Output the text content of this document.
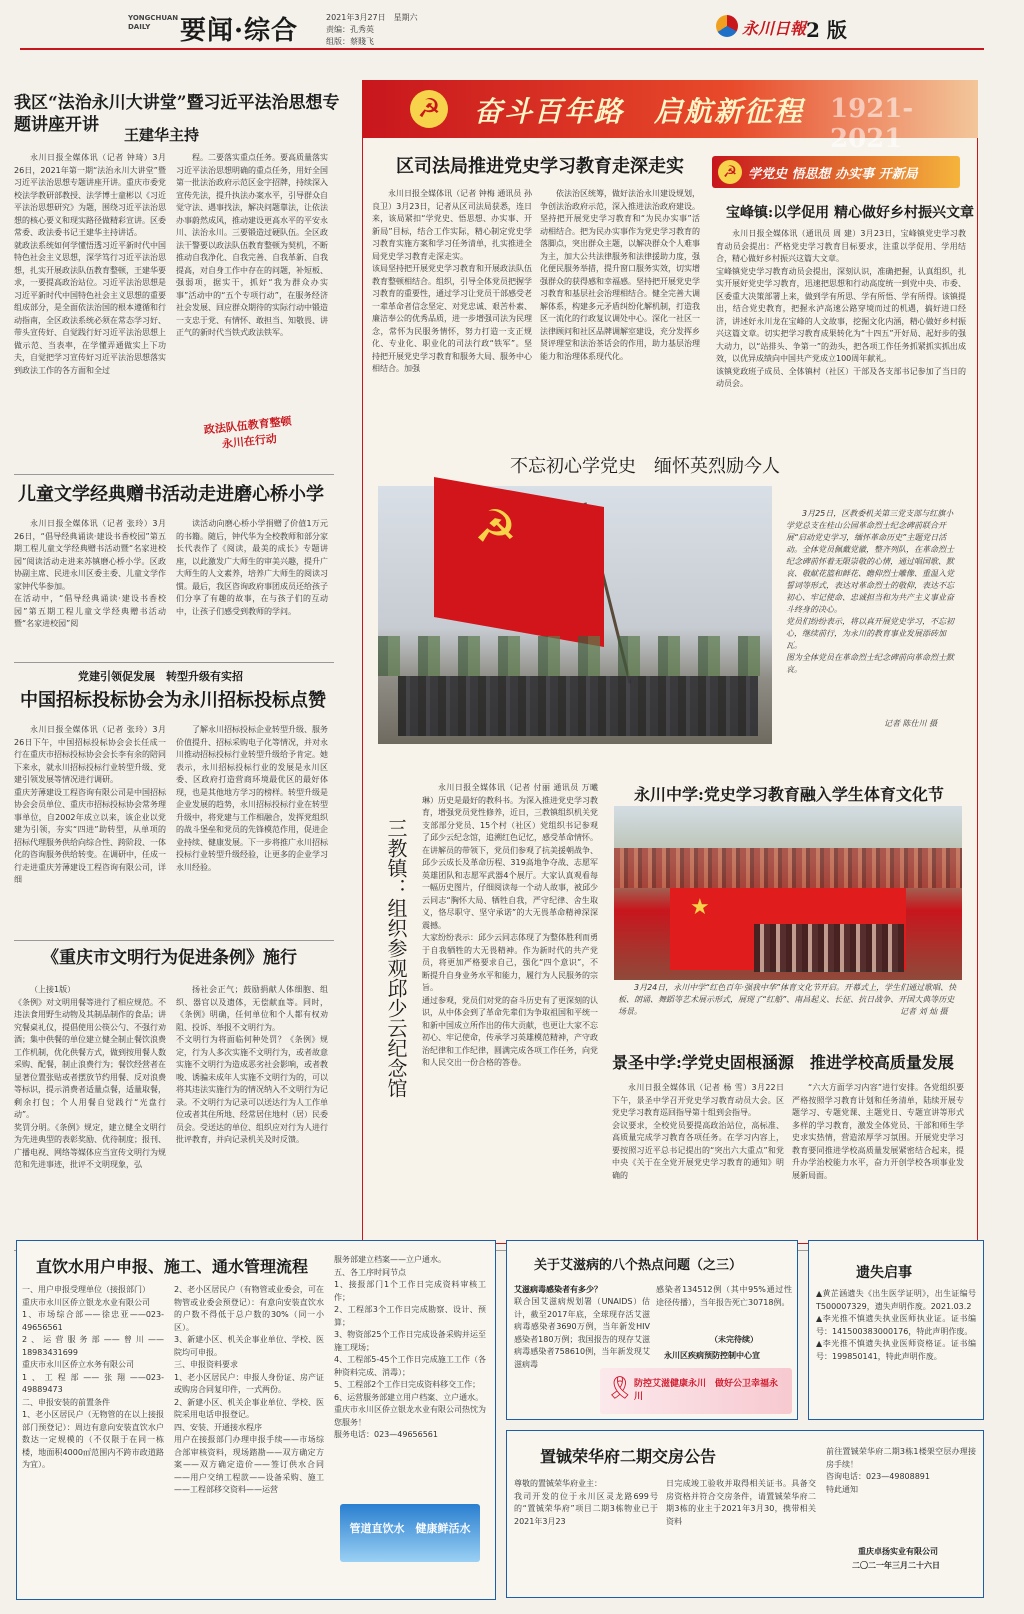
YONGCHUAN
DAILY	要闻·综合	2021年3月27日　星期六
责编：孔秀英
组版：蔡賤飞
永川日報 2 版
我区“法治永川大讲堂”暨习近平法治思想专题讲座开讲	王建华主持

永川日报全媒体讯（记者 钟琦）3月26日，2021年第一期“法治永川大讲堂”暨习近平法治思想专题讲座开讲。重庆市委党校法学教研部教授、法学博士童彬以《习近平法治思想研究》为题，围绕习近平法治思想的核心要义和现实路径做精彩宣讲。区委常委、政法委书记王建华主持讲话。
就政法系统如何学懂悟透习近平新时代中国特色社会主义思想，深学笃行习近平法治思想，扎实开展政法队伍教育整顿，王建华要求，一要提高政治站位。习近平法治思想是习近平新时代中国特色社会主义思想的重要组成部分，是全面依法治国的根本遵循和行动指南，全区政法系统必须在常态学习好、带头宣传好、自觉践行好习近平法治思想上做示范、当表率，在学懂弄通做实上下功夫，自觉把学习宣传好习近平法治思想落实到政法工作的各方面和全过

程。二要落实重点任务。要高质量落实习近平法治思想明确的重点任务，用好全国第一批法治政府示范区金字招牌，持续深入宣传先法，提升执法办案水平，引导群众自觉守法、遇事找法，解决问题靠法，让依法办事蔚然成风，推动建设更高水平的平安永川、法治永川。三要锻造过硬队伍。全区政法干警要以政法队伍教育整顿为契机，不断推动自我净化、自我完善、自我革新、自我提高，对自身工作中存在的问题，补短板、强弱项，据实干，抓好“我为群众办实事”活动中的“五个专项行动”，在服务经济社会发展、回应群众期待的实际行动中锻造一支忠于党、有情怀、敢担当、知敬畏、讲正气的新时代当铁式政法铁军。

政法队伍教育整顿
永川在行动
儿童文学经典赠书活动走进磨心桥小学

永川日报全媒体讯（记者 张玲）3月26日，“倡导经典诵读·建设书香校园”第五期工程儿童文学经典赠书活动暨“名家进校园”阅读活动走进来苏镇磨心桥小学。区政协副主席、民进永川区委主委、儿童文学作家钟代华参加。
在活动中，“倡导经典诵读·建设书香校园”第五期工程儿童文学经典赠书活动暨“名家进校园”阅

读活动向磨心桥小学捐赠了价值1万元的书籍。随后，钟代华为全校教师和部分家长代表作了《阅读，最美的成长》专题讲座，以此激发广大师生的审美兴趣，提升广大师生的人文素养，培养广大师生的阅读习惯。最后，我区咨询政府事团成员还给孩子们分享了有趣的故事，在与孩子们的互动中，让孩子们感受到教师的学问。

党建引领促发展　转型升级有实招
中国招标投标协会为永川招标投标点赞

永川日报全媒体讯（记者 张玲）3月26日下午，中国招标投标协会会长任成一行在重庆市招标投标协会会长李有余的陪同下来永，就永川招标投标行业转型升级、党建引领发展等情况进行调研。
重庆芳薄建设工程咨询有限公司是中国招标协会会员单位、重庆市招标投标协会常务理事单位，自2002年成立以来，该企业以党建为引领，夯实“四进”助转型，从单项的招标代理服务供给向综合性、跨阶段、一体化的咨询服务供给转变。在调研中，任成一行走进重庆芳薄建设工程咨询有限公司，详细

了解永川招标投标企业转型升级、服务价值提升、招标采购电子化等情况，并对永川推动招标投标行业转型升级给予肯定。她表示，永川招标投标行业的发展是永川区委、区政府打造营商环境最优区的最好体现，也是其他地方学习的榜样。转型升级是企业发展的趋势，永川招标投标行业在转型升级中，将党建与工作相融合，发挥党组织的战斗堡垒和党员的先锋模范作用，促进企业持续、健康发展。下一步将推广永川招标投标行业转型升级经验，让更多的企业学习永川经验。

《重庆市文明行为促进条例》施行

（上接1版）
《条例》对文明用餐等进行了相应规范。不违法食用野生动物及其制品制作的食品；讲究餐桌礼仪，提倡使用公筷公勺、不强行劝酒；集中供餐的单位建立健全制止餐饮浪费工作机制，优化供餐方式，做到按用餐人数采购、配餐，制止浪费行为；餐饮经营者在显著位置张贴或者摆放节约用餐、反对浪费等标识，提示消费者适量点餐，适量取餐，剩余打包；个人用餐自觉践行“光盘行动”。
奖罚分明。《条例》规定，建立健全文明行为先进典型的表彰奖励、优待制度；报刊、广播电视、网络等媒体应当宣传文明行为规范和先进事迹，批评不文明现象，弘

扬社会正气；鼓励捐献人体细胞、组织、器官以及遗体，无偿献血等。同时，《条例》明确，任何单位和个人都有权劝阻、投诉、举报不文明行为。
不文明行为将面临何种处罚？《条例》规定，行为人多次实施不文明行为，或者故意实施不文明行为造成恶劣社会影响，或者教唆、诱骗未成年人实施不文明行为的，可以将其违法实施行为的情况纳入不文明行为记录。不文明行为记录可以送达行为人工作单位或者其住所地、经常居住地村（居）民委员会。受送达的单位、组织应对行为人进行批评教育，并向记录机关及时反馈。

☭ 奋斗百年路　启航新征程 1921-2021
区司法局推进党史学习教育走深走实

永川日报全媒体讯（记者 钟梅 通讯员 孙良卫）3月23日，记者从区司法局获悉，连日来，该局紧扣“学党史、悟思想、办实事、开新局”目标，结合工作实际，精心制定党史学习教育实施方案和学习任务清单，扎实推进全局党史学习教育走深走实。
该局坚持把开展党史学习教育和开展政法队伍教育整顿相结合。组织，引导全体党员把握学习教育的重要性，通过学习让党员干部感受老一辈革命者信念坚定、对党忠诚、艰苦朴素、廉洁奉公的优秀品质，进一步增强司法为民理念，常怀为民服务情怀，努力打造一支正规化、专业化、职业化的司法行政“铁军”。坚持把开展党史学习教育和服务大局、服务中心相结合。加强

依法治区统筹，做好法治永川建设规划，争创法治政府示范，深入推进法治政府建设。坚持把开展党史学习教育和“为民办实事”活动相结合。把为民办实事作为党史学习教育的落脚点，突出群众主题，以解决群众个人难事为主，加大公共法律服务和法律援助力度，强化便民服务举措，提升窗口服务实效，切实增强群众的获得感和幸福感。坚持把开展党史学习教育和基层社会治理相结合。健全完善大调解体系，构建多元矛盾纠纷化解机制，打造我区一流化的行政复议调处中心。深化一社区一法律顾问和社区品牌调解室建设，充分发挥乡贤评理堂和法治茶话会的作用，助力基层治理能力和治理体系现代化。

☭ 学党史 悟思想 办实事 开新局
宝峰镇:以学促用 精心做好乡村振兴文章

永川日报全媒体讯（通讯员 周 建）3月23日，宝峰镇党史学习教育动员会提出：严格党史学习教育目标要求，注重以学促用、学用结合，精心做好乡村振兴这篇大文章。
宝峰镇党史学习教育动员会提出，深刻认识，准确把握，认真组织，扎实开展好党史学习教育，迅速把思想和行动高度统一到党中央、市委、区委重大决策部署上来，做到学有所思、学有所悟、学有所得。该镇提出，结合党史教育，把握永泸高速公路穿境而过的机遇，搞好进口经济，讲述好永川龙在宝峰的人文故事，挖掘文化内涵，精心做好乡村振兴这篇文章。切实把学习教育成果转化为“十四五”开好局、起好步的强大动力，以“站排头、争第一”的劲头，把各项工作任务抓紧抓实抓出成效，以优异成绩向中国共产党成立100周年献礼。
该镇党政班子成员、全体镇村（社区）干部及各支部书记参加了当日的动员会。

不忘初心学党史　缅怀英烈励今人
☭	3月25日，区教委机关第三党支部与红旗小学党总支在桂山公园革命烈士纪念碑前联合开展“启动党史学习，缅怀革命历史”主题党日活动。全体党员佩戴党徽，整齐列队，在革命烈士纪念碑前怀着无限崇敬的心情，通过唱国歌、默哀、敬献花篮和鲜花、瞻仰烈士雕像、重温入党誓词等形式，表达对革命烈士的敬仰，表达不忘初心、牢记使命、忠诚担当和为共产主义事业奋斗终身的决心。
党员们纷纷表示，将以真开展党史学习，不忘初心，继续前行，为永川的教育事业发展添砖加瓦。
图为全体党员在革命烈士纪念碑前向革命烈士默哀。

记者 陈仕川 摄
三教镇：组织参观邱少云纪念馆

永川日报全媒体讯（记者 付丽 通讯员 万曦琳）历史是最好的教科书。为深入推进党史学习教育，增强党员党性修养，近日，三教镇组织机关党支部部分党员、15个村（社区）党组织书记参观了邱少云纪念馆，追溯红色记忆，感受革命情怀。
在讲解员的带领下，党员们参观了抗美援朝战争、邱少云成长及革命历程、319高地争夺战、志愿军英雄团队和志愿军武器4个展厅。大家认真观看每一幅历史图片，仔细阅读每一个动人故事，被邱少云同志“胸怀大局、牺牲自我，严守纪律、舍生取义，恪尽职守、坚守承诺”的大无畏革命精神深深震撼。
大家纷纷表示：邱少云同志体现了为整体胜利而勇于自我牺牲的大无畏精神。作为新时代的共产党员，将更加严格要求自己，强化“四个意识”，不断提升自身业务水平和能力，履行为人民服务的宗旨。
通过参观，党员们对党的奋斗历史有了更深刻的认识，从中体会到了革命先辈们为争取祖国和平统一和新中国成立所作出的伟大贡献，也更让大家不忘初心、牢记使命，传承学习英雄模范精神，产守政治纪律和工作纪律，圆满完成各项工作任务，向党和人民交出一份合格的答卷。

永川中学:党史学习教育融入学生体育文化节
★
3月24日，永川中学“红色百年·强我中华”体育文化节开启。开幕式上，学生们通过歌唱、快板、朗诵、舞蹈等艺术展示形式，展现了“红船”、南昌起义、长征、抗日战争、开国大典等历史场景。	记者 刘 灿 摄
景圣中学:学党史固根涵源　推进学校高质量发展

永川日报全媒体讯（记者 杨 雪）3月22日下午，景圣中学召开党史学习教育动员大会。区党史学习教育巡回指导第十组到会指导。
会议要求，全校党员要提高政治站位，高标准、高质量完成学习教育各项任务。在学习内容上，要按照习近平总书记提出的“突出六大重点”和党中央《关于在全党开展党史学习教育的通知》明确的

“六大方面学习内容”进行安排。各党组织要严格按照学习教育计划和任务清单，陆续开展专题学习、专题党课、主题党日、专题宣讲等形式多样的学习教育，激发全体党员、干部和师生学史求实热情，营造浓厚学习氛围。开展党史学习教育要同推进学校高质量发展紧密结合起来，提升办学治校能力水平，奋力开创学校各项事业发展新局面。

直饮水用户申报、施工、通水管理流程
一、用户申报受理单位（接报部门）
重庆市永川区侨立银龙水业有限公司
1、市场综合部——徐忠亚——023-49656561
2、运营服务部——曾川——18983431699
重庆市永川区侨立水务有限公司
1、工程部——张翔——023-49889473
二、申报安装的前置条件
1、老小区居民户（无物管的在以上接报部门预登记）：周边有意向安装直饮水户数达一定规模的（不仅限于在同一栋楼，地面积4000㎡范围内不跨市政道路为宜）。
2、老小区居民户（有物管或业委会，可在物管或业委会预登记）：有意向安装直饮水的户数不得低于总户数的30%（同一小区）。
3、新建小区、机关企事业单位、学校、医院均可申报。
三、申报资料要求
1、老小区居民户：申报人身份证、房产证或购房合同复印件，一式两份。
2、新建小区、机关企事业单位、学校、医院采用电话申报登记。
四、安装、开通接水程序
用户在接报部门办理申报手续——市场综合部审核资料，现场踏勘——双方确定方案——双方确定造价——签订供水合同——用户交纳工程款——设备采购、施工——工程部移交资料——运营
服务部建立档案——立户通水。
五、各工序时间节点
1、接报部门1个工作日完成资料审核工作；
2、工程部3个工作日完成勘察、设计、预算；
3、物资部25个工作日完成设备采购并运至施工现场；
4、工程部5-45个工作日完成施工工作（各种资料完成、消毒）；
5、工程部2个工作日完成资料移交工作；
6、运营服务部建立用户档案、立户通水。
重庆市永川区侨立银龙水业有限公司热忱为您服务！
服务电话：023—49656561
管道直饮水　健康鲜活水
关于艾滋病的八个热点问题（之三）
艾滋病毒感染者有多少？
联合国艾滋病规划署（UNAIDS）估计，截至2017年底，全球现存活艾滋病毒感染者3690万例，当年新发HIV感染者180万例；我国报告的现存艾滋病毒感染者758610例，当年新发现艾滋病毒
感染者134512例（其中95%通过性途径传播），当年报告死亡30718例。
（未完待续）
永川区疾病预防控制中心宣
🎗 防控艾滋健康永川　做好公卫幸福永川
遗失启事
▲黄芷涵遗失《出生医学证明》，出生证编号T500007329，遗失声明作废。2021.03.2
▲李光推不慎遗失执业医师执业证。证书编号：141500383000176，特此声明作废。
▲李光推不慎遗失执业医师资格证。证书编号：199850141，特此声明作废。
置铖荣华府二期交房公告
尊敬的置铖荣华府业主：
我司开发的位于永川区灵龙路699号的“置铖荣华府”项目二期3栋物业已于2021年3月23
日完成竣工验收并取得相关证书。具备交房资格并符合交房条件，请置铖荣华府二期3栋的业主于2021年3月30，携带相关资料
前往置铖荣华府二期3栋1楼架空层办理接房手续！
咨询电话：023—49808891
特此通知
重庆卓扬实业有限公司
二〇二一年三月二十六日
